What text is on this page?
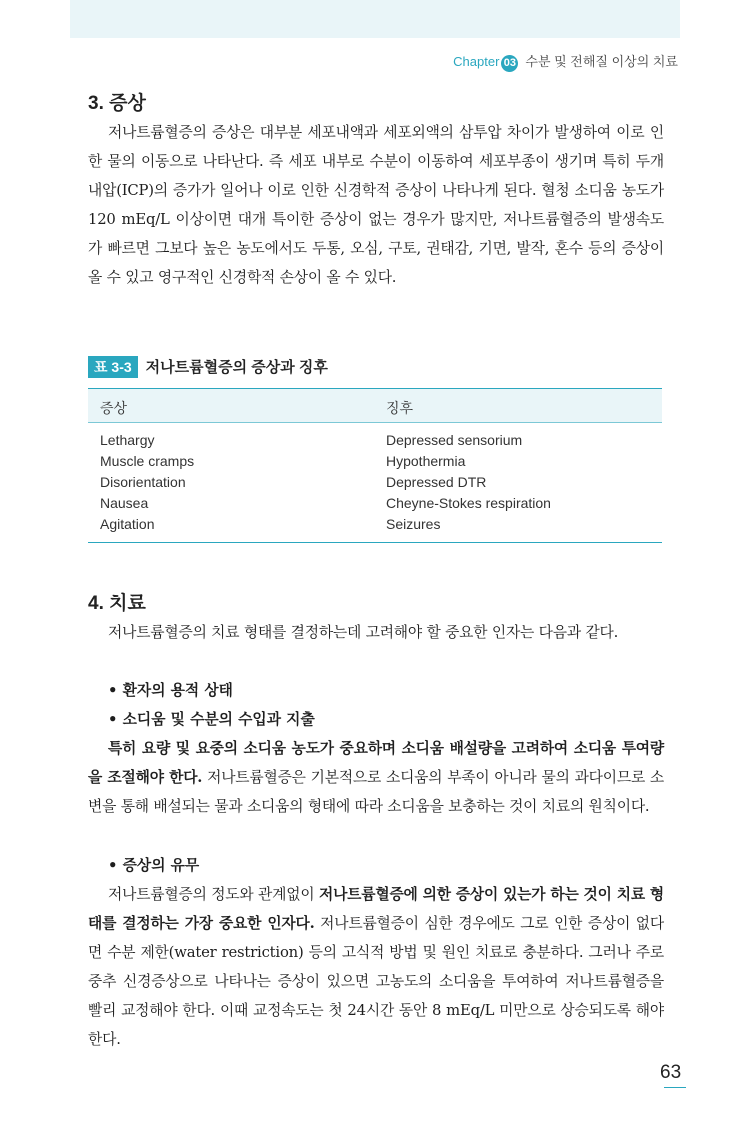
Chapter 03 수분 및 전해질 이상의 치료
3. 증상

저나트륨혈증의 증상은 대부분 세포내액과 세포외액의 삼투압 차이가 발생하여 이로 인한 물의 이동으로 나타난다. 즉 세포 내부로 수분이 이동하여 세포부종이 생기며 특히 두개내압(ICP)의 증가가 일어나 이로 인한 신경학적 증상이 나타나게 된다. 혈청 소디움 농도가 120 mEq/L 이상이면 대개 특이한 증상이 없는 경우가 많지만, 저나트륨혈증의 발생속도가 빠르면 그보다 높은 농도에서도 두통, 오심, 구토, 권태감, 기면, 발작, 혼수 등의 증상이 올 수 있고 영구적인 신경학적 손상이 올 수 있다.

표 3-3 저나트륨혈증의 증상과 징후
증상	징후
Lethargy	Depressed sensorium
Muscle cramps	Hypothermia
Disorientation	Depressed DTR
Nausea	Cheyne-Stokes respiration
Agitation	Seizures
4. 치료

저나트륨혈증의 치료 형태를 결정하는데 고려해야 할 중요한 인자는 다음과 같다.

• 환자의 용적 상태
• 소디움 및 수분의 수입과 지출

특히 요량 및 요중의 소디움 농도가 중요하며 소디움 배설량을 고려하여 소디움 투여량을 조절해야 한다. 저나트륨혈증은 기본적으로 소디움의 부족이 아니라 물의 과다이므로 소변을 통해 배설되는 물과 소디움의 형태에 따라 소디움을 보충하는 것이 치료의 원칙이다.

• 증상의 유무

저나트륨혈증의 정도와 관계없이 저나트륨혈증에 의한 증상이 있는가 하는 것이 치료 형태를 결정하는 가장 중요한 인자다. 저나트륨혈증이 심한 경우에도 그로 인한 증상이 없다면 수분 제한(water restriction) 등의 고식적 방법 및 원인 치료로 충분하다. 그러나 주로 중추 신경증상으로 나타나는 증상이 있으면 고농도의 소디움을 투여하여 저나트륨혈증을 빨리 교정해야 한다. 이때 교정속도는 첫 24시간 동안 8 mEq/L 미만으로 상승되도록 해야 한다.

63
